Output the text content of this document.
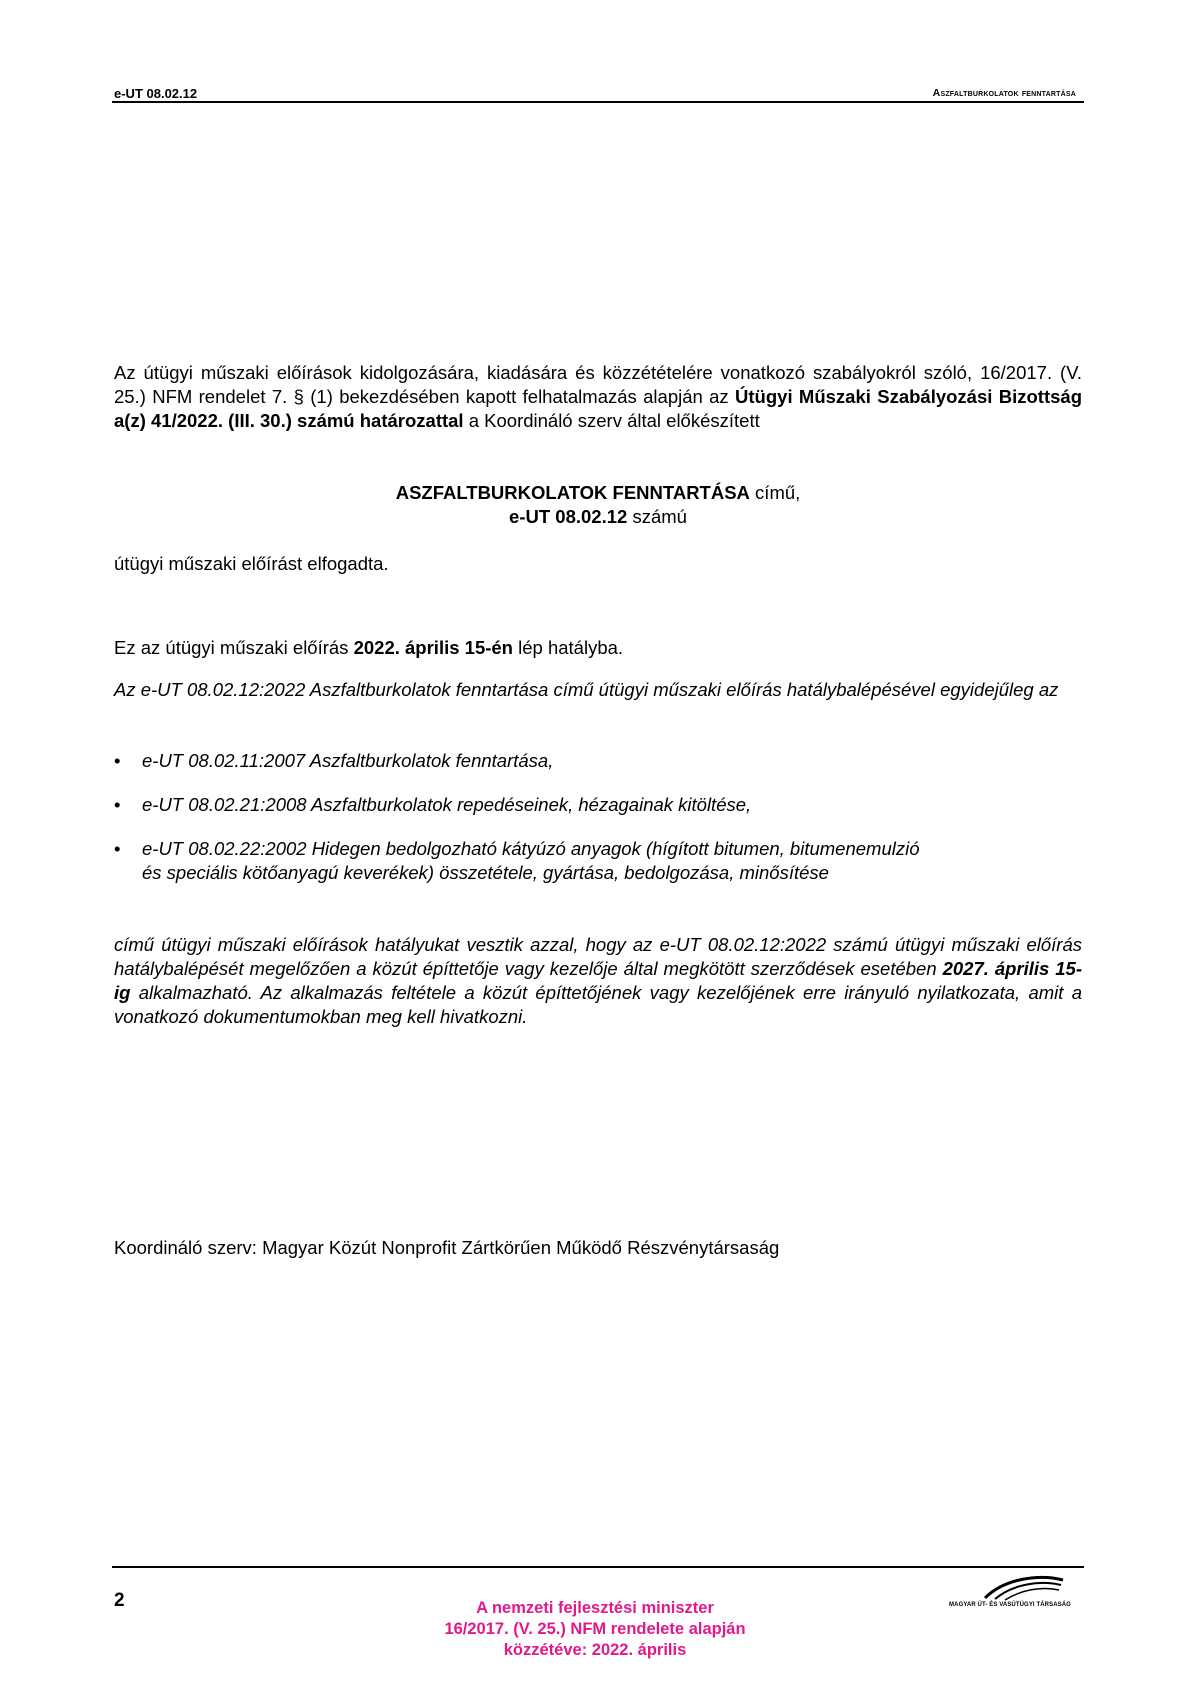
e-UT 08.02.12	Aszfaltburkolatok fenntartása
Az útügyi műszaki előírások kidolgozására, kiadására és közzétételére vonatkozó szabályokról szóló, 16/2017. (V. 25.) NFM rendelet 7. § (1) bekezdésében kapott felhatalmazás alapján az Útügyi Műszaki Szabályozási Bizottság a(z) 41/2022. (III. 30.) számú határozattal a Koordináló szerv által előkészített

ASZFALTBURKOLATOK FENNTARTÁSA című,

e-UT 08.02.12 számú

útügyi műszaki előírást elfogadta.
Ez az útügyi műszaki előírás 2022. április 15-én lép hatályba.
Az e-UT 08.02.12:2022 Aszfaltburkolatok fenntartása című útügyi műszaki előírás hatálybalépésével egyidejűleg az
• e-UT 08.02.11:2007 Aszfaltburkolatok fenntartása,
• e-UT 08.02.21:2008 Aszfaltburkolatok repedéseinek, hézagainak kitöltése,
• e-UT 08.02.22:2002 Hidegen bedolgozható kátyúzó anyagok (hígított bitumen, bitumenemulzió és speciális kötőanyagú keverékek) összetétele, gyártása, bedolgozása, minősítése
című útügyi műszaki előírások hatályukat vesztik azzal, hogy az e-UT 08.02.12:2022 számú útügyi műszaki előírás hatálybalépését megelőzően a közút építtetője vagy kezelője által megkötött szerződések esetében 2027. április 15-ig alkalmazható. Az alkalmazás feltétele a közút építtetőjének vagy kezelőjének erre irányuló nyilatkozata, amit a vonatkozó dokumentumokban meg kell hivatkozni.
Koordináló szerv: Magyar Közút Nonprofit Zártkörűen Működő Részvénytársaság
2	A nemzeti fejlesztési miniszter
16/2017. (V. 25.) NFM rendelete alapján
közzétéve: 2022. április
MAGYAR ÚT- ÉS VASÚTÜGYI TÁRSASÁG
